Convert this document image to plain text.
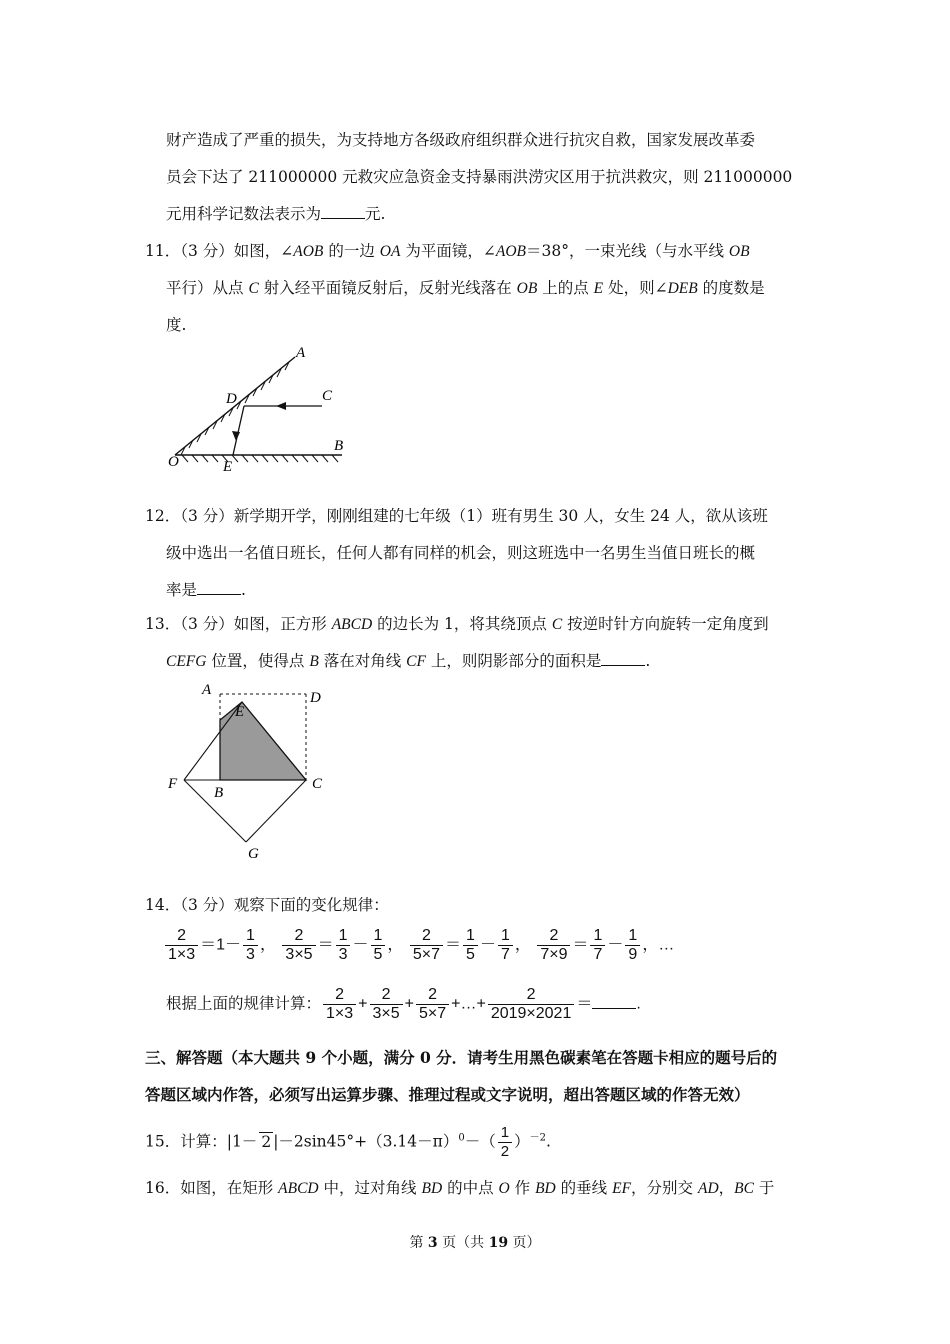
财产造成了严重的损失，为支持地方各级政府组织群众进行抗灾自救，国家发展改革委
员会下达了 211000000 元救灾应急资金支持暴雨洪涝灾区用于抗洪救灾，则 211000000
元用科学记数法表示为	元.
11．（3 分）如图，∠AOB 的一边 OA 为平面镜，∠AOB＝38°，一束光线（与水平线 OB
平行）从点 C 射入经平面镜反射后，反射光线落在 OB 上的点 E 处，则∠DEB 的度数是
度.
A
D	C
B
O	E
12．（3 分）新学期开学，刚刚组建的七年级（1）班有男生 30 人，女生 24 人，欲从该班
级中选出一名值日班长，任何人都有同样的机会，则这班选中一名男生当值日班长的概
率是	.
13．（3 分）如图，正方形 ABCD 的边长为 1，将其绕顶点 C 按逆时针方向旋转一定角度到
CEFG 位置，使得点 B 落在对角线 CF 上，则阴影部分的面积是	.
A	D
E
F
B
C
G
14．（3 分）观察下面的变化规律：
$\frac{2}{1\times 3} =1- \frac{1}{3}$ ， $\frac{2}{3\times 5} = \frac{1}{3} - \frac{1}{5}$ ， $\frac{2}{5\times 7} = \frac{1}{5} - \frac{1}{7}$ ， $\frac{2}{7\times 9} = \frac{1}{7} - \frac{1}{9}$ ，…
根据上面的规律计算： $\frac{2}{1\times 3} + \frac{2}{3\times 5} + \frac{2}{5\times 7}$ +…+ $\frac{2}{2019\times 2021}$ ＝	.
三、解答题（本大题共 9 个小题，满分 0 分．请考生用黑色碳素笔在答题卡相应的题号后的
答题区域内作答，必须写出运算步骤、推理过程或文字说明，超出答题区域的作答无效）
15．计算：|1－ 2 $|-2\sin 45^\circ+(3.14-\pi)^0-( \frac{1}{2} )^{-2}$.
16．如图，在矩形 ABCD 中，过对角线 BD 的中点 O 作 BD 的垂线 EF，分别交 AD，BC 于
第 3 页（共 19 页）
